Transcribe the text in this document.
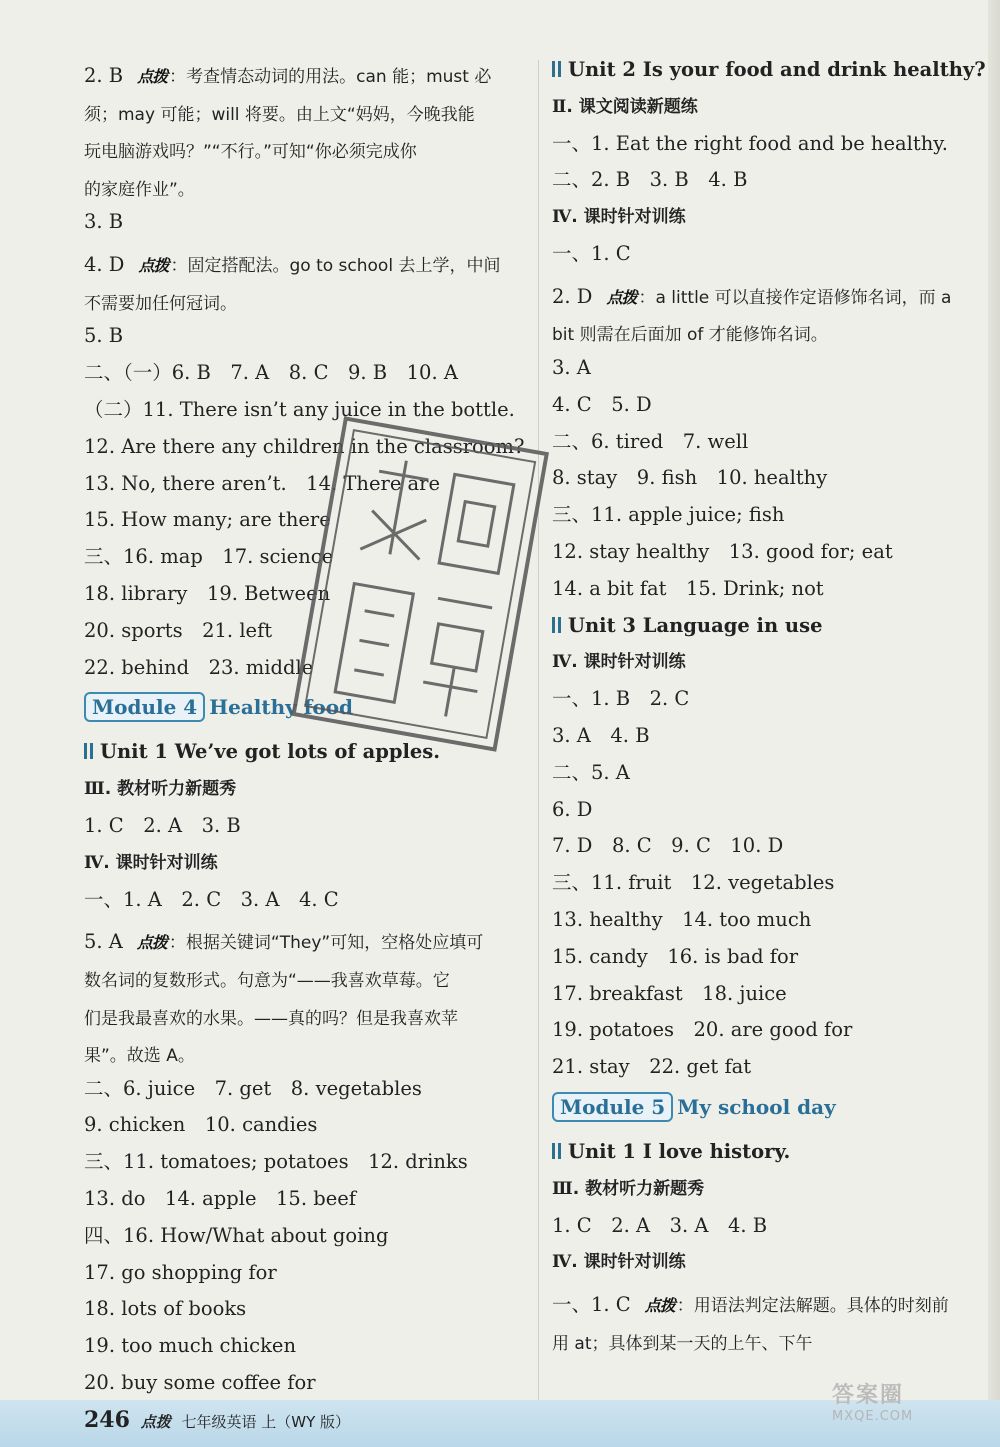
2. B 点拨 ：考查情态动词的用法。can 能；must 必
须；may 可能；will 将要。由上文“妈妈，今晚我能
玩电脑游戏吗？”“不行。”可知“你必须完成你
的家庭作业”。
3. B
4. D 点拨 ：固定搭配法。go to school 去上学，中间
不需要加任何冠词。
5. B
二、（一）6. B　7. A　8. C　9. B　10. A
（二）11. There isn’t any juice in the bottle.
12. Are there any children in the classroom?
13. No, there aren’t.　14. There are
15. How many; are there
三、16. map　17. science
18. library　19. Between
20. sports　21. left
22. behind　23. middle
Module 4 Healthy food
Unit 1 We’ve got lots of apples.
Ⅲ. 教材听力新题秀
1. C　2. A　3. B
Ⅳ. 课时针对训练
一、1. A　2. C　3. A　4. C
5. A 点拨 ：根据关键词“They”可知，空格处应填可
数名词的复数形式。句意为“——我喜欢草莓。它
们是我最喜欢的水果。——真的吗？但是我喜欢苹
果”。故选 A。
二、6. juice　7. get　8. vegetables
9. chicken　10. candies
三、11. tomatoes; potatoes　12. drinks
13. do　14. apple　15. beef
四、16. How/What about going
17. go shopping for
18. lots of books
19. too much chicken
20. buy some coffee for
Unit 2 Is your food and drink healthy?
Ⅱ. 课文阅读新题练
一、1. Eat the right food and be healthy.
二、2. B　3. B　4. B
Ⅳ. 课时针对训练
一、1. C
2. D 点拨 ：a little 可以直接作定语修饰名词，而 a
bit 则需在后面加 of 才能修饰名词。
3. A
4. C　5. D
二、6. tired　7. well
8. stay　9. fish　10. healthy
三、11. apple juice; fish
12. stay healthy　13. good for; eat
14. a bit fat　15. Drink; not
Unit 3 Language in use
Ⅳ. 课时针对训练
一、1. B　2. C
3. A　4. B
二、5. A
6. D
7. D　8. C　9. C　10. D
三、11. fruit　12. vegetables
13. healthy　14. too much
15. candy　16. is bad for
17. breakfast　18. juice
19. potatoes　20. are good for
21. stay　22. get fat
Module 5 My school day
Unit 1 I love history.
Ⅲ. 教材听力新题秀
1. C　2. A　3. A　4. B
Ⅳ. 课时针对训练
一、1. C 点拨 ：用语法判定法解题。具体的时刻前
用 at；具体到某一天的上午、下午
246 点拨 七年级英语 上（WY 版）
答案圈
MXQE.COM
